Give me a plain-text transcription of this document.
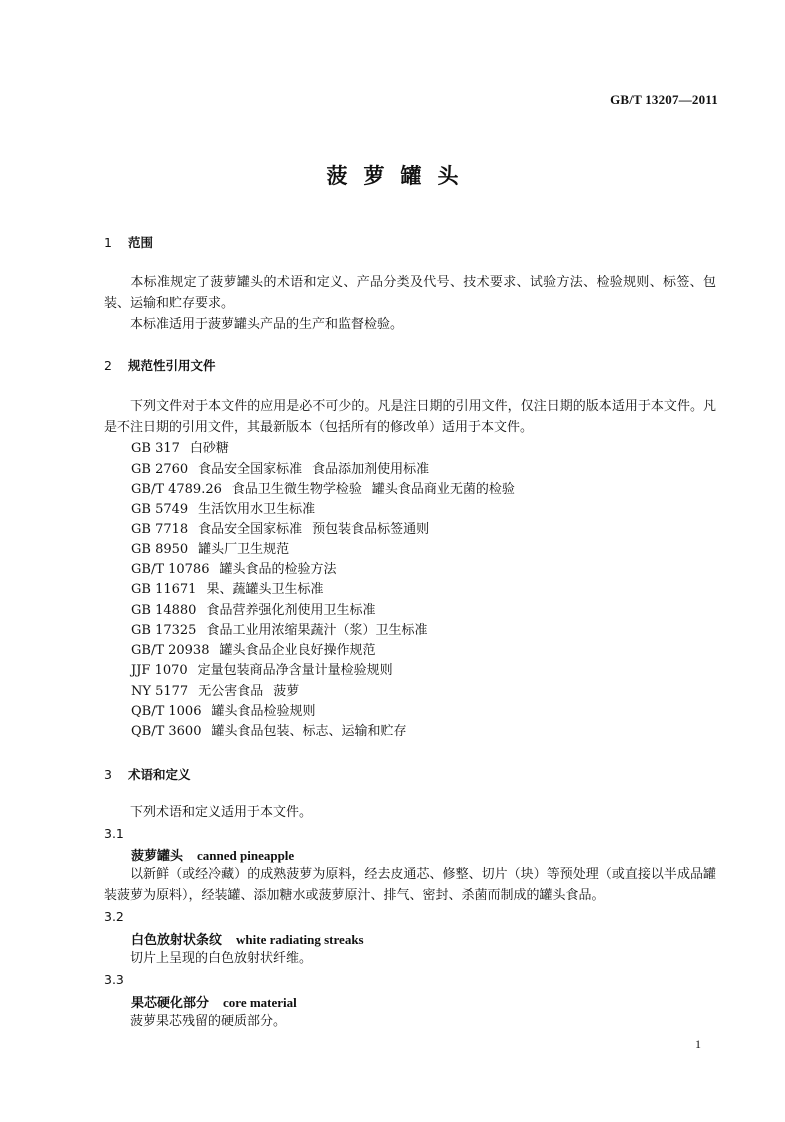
GB/T 13207—2011
菠萝罐头
1 范围
本标准规定了菠萝罐头的术语和定义、产品分类及代号、技术要求、试验方法、检验规则、标签、包装、运输和贮存要求。
本标准适用于菠萝罐头产品的生产和监督检验。
2 规范性引用文件
下列文件对于本文件的应用是必不可少的。凡是注日期的引用文件，仅注日期的版本适用于本文件。凡是不注日期的引用文件，其最新版本（包括所有的修改单）适用于本文件。
GB 317 白砂糖
GB 2760 食品安全国家标准 食品添加剂使用标准
GB/T 4789.26 食品卫生微生物学检验 罐头食品商业无菌的检验
GB 5749 生活饮用水卫生标准
GB 7718 食品安全国家标准 预包装食品标签通则
GB 8950 罐头厂卫生规范
GB/T 10786 罐头食品的检验方法
GB 11671 果、蔬罐头卫生标准
GB 14880 食品营养强化剂使用卫生标准
GB 17325 食品工业用浓缩果蔬汁（浆）卫生标准
GB/T 20938 罐头食品企业良好操作规范
JJF 1070 定量包装商品净含量计量检验规则
NY 5177 无公害食品 菠萝
QB/T 1006 罐头食品检验规则
QB/T 3600 罐头食品包装、标志、运输和贮存
3 术语和定义
下列术语和定义适用于本文件。
3.1
菠萝罐头 canned pineapple
以新鲜（或经冷藏）的成熟菠萝为原料，经去皮通芯、修整、切片（块）等预处理（或直接以半成品罐装菠萝为原料），经装罐、添加糖水或菠萝原汁、排气、密封、杀菌而制成的罐头食品。
3.2
白色放射状条纹 white radiating streaks
切片上呈现的白色放射状纤维。
3.3
果芯硬化部分 core material
菠萝果芯残留的硬质部分。
1
